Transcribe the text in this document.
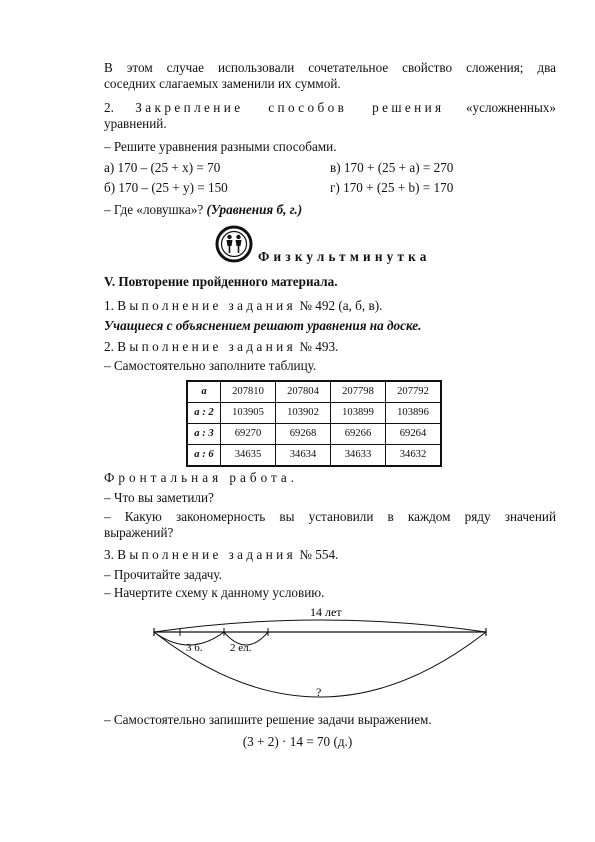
В этом случае использовали сочетательное свойство сложения; два

соседних слагаемых заменили их суммой.

2. Закрепление способов решения «усложненных»

уравнений.

– Решите уравнения разными способами.

а) 170 – (25 + x) = 70	в) 170 + (25 + a) = 270
б) 170 – (25 + y) = 150	г) 170 + (25 + b) = 170

– Где «ловушка»? (Уравнения б, г.)

Физкультминутка

V. Повторение пройденного материала.

1. Выполнение задания № 492 (а, б, в).

Учащиеся с объяснением решают уравнения на доске.

2. Выполнение задания № 493.

– Самостоятельно заполните таблицу.

a	207810	207804	207798	207792
a : 2	103905	103902	103899	103896
a : 3	69270	69268	69266	69264
a : 6	34635	34634	34633	34632
Фронтальная работа.

– Что вы заметили?

– Какую закономерность вы установили в каждом ряду значений

выражений?

3. Выполнение задания № 554.

– Прочитайте задачу.

– Начертите схему к данному условию.

14 лет
3 б. 2 ел.
?

– Самостоятельно запишите решение задачи выражением.

(3 + 2) · 14 = 70 (д.)
